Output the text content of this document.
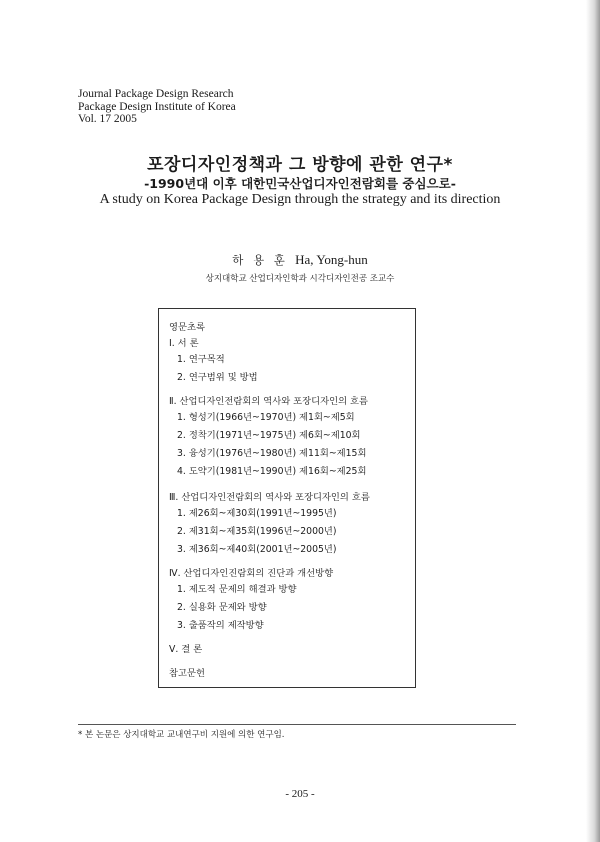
Journal Package Design Research
Package Design Institute of Korea
Vol. 17 2005
포장디자인정책과 그 방향에 관한 연구*
-1990년대 이후 대한민국산업디자인전람회를 중심으로-
A study on Korea Package Design through the strategy and its direction
하 용 훈 Ha, Yong-hun
상지대학교 산업디자인학과 시각디자인전공 조교수
영문초록
Ⅰ. 서 론
1. 연구목적
2. 연구범위 및 방법
Ⅱ. 산업디자인전람회의 역사와 포장디자인의 흐름
1. 형성기(1966년~1970년) 제1회~제5회
2. 정착기(1971년~1975년) 제6회~제10회
3. 융성기(1976년~1980년) 제11회~제15회
4. 도약기(1981년~1990년) 제16회~제25회
Ⅲ. 산업디자인전람회의 역사와 포장디자인의 흐름
1. 제26회~제30회(1991년~1995년)
2. 제31회~제35회(1996년~2000년)
3. 제36회~제40회(2001년~2005년)
Ⅳ. 산업디자인진람회의 진단과 개선방향
1. 제도적 문제의 해결과 방향
2. 실용화 문제와 방향
3. 출품작의 제작방향
Ⅴ. 결 론
참고문헌
* 본 논문은 상지대학교 교내연구비 지원에 의한 연구임.
- 205 -
